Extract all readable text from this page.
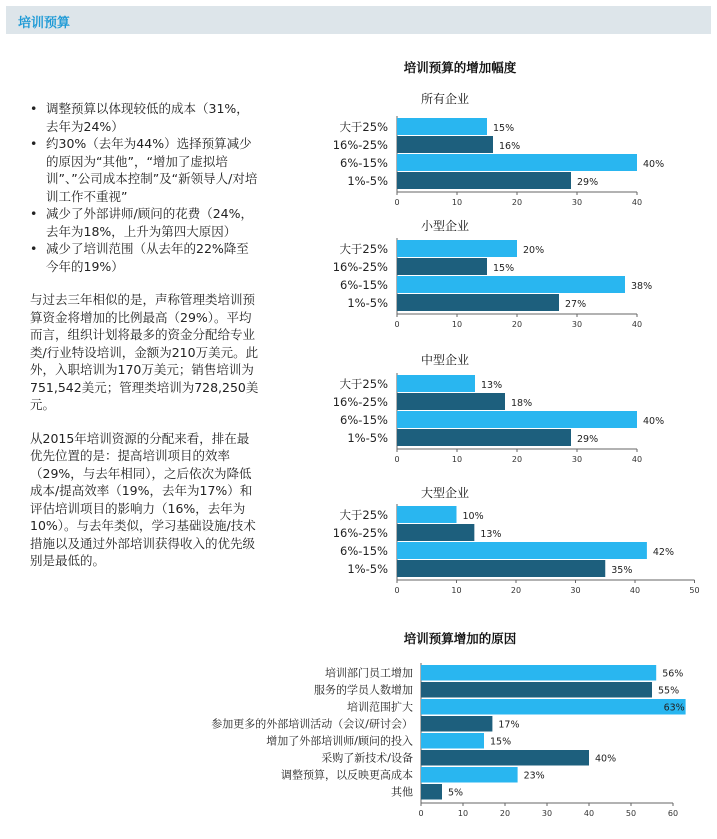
培训预算
• 调整预算以体现较低的成本（31%，去年为24%）
• 约30%（去年为44%）选择预算减少的原因为“其他”，“增加了虚拟培训”、”公司成本控制”及“新领导人/对培训工作不重视”
• 减少了外部讲师/顾问的花费（24%，去年为18%，上升为第四大原因）
• 减少了培训范围（从去年的22%降至今年的19%）

与过去三年相似的是，声称管理类培训预算资金将增加的比例最高（29%）。平均而言，组织计划将最多的资金分配给专业类/行业特设培训，金额为210万美元。此外，入职培训为170万美元；销售培训为751,542美元；管理类培训为728,250美元。

从2015年培训资源的分配来看，排在最优先位置的是：提高培训项目的效率（29%，与去年相同），之后依次为降低成本/提高效率（19%，去年为17%）和评估培训项目的影响力（16%，去年为10%）。与去年类似，学习基础设施/技术措施以及通过外部培训获得收入的优先级别是最低的。

培训预算的增加幅度
所有企业
0	10	20	30	40
大于25%	15%
16%-25%	16%
6%-15%	40%
1%-5%	29%
小型企业
0	10	20	30	40
大于25%	20%
16%-25%	15%
6%-15%	38%
1%-5%	27%
中型企业
0	10	20	30	40
大于25%	13%
16%-25%	18%
6%-15%	40%
1%-5%	29%
大型企业
0	10	20	30	40	50
大于25%	10%
16%-25%	13%
6%-15%	42%
1%-5%	35%
培训预算增加的原因
0	10	20	30	40	50	60
培训部门员工增加	56%
服务的学员人数增加	55%
培训范围扩大	63%
参加更多的外部培训活动（会议/研讨会）	17%
增加了外部培训师/顾问的投入	15%
采购了新技术/设备	40%
调整预算，以反映更高成本	23%
其他	5%
